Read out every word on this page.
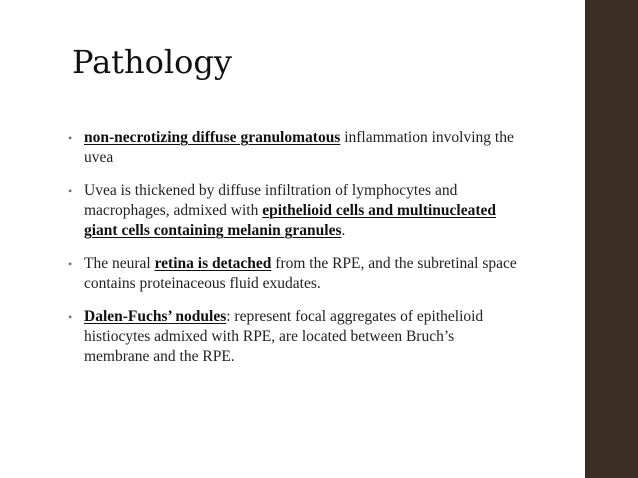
Pathology
• non-necrotizing diffuse granulomatous inflammation involving the uvea
• Uvea is thickened by diffuse infiltration of lymphocytes and macrophages, admixed with epithelioid cells and multinucleated giant cells containing melanin granules.
• The neural retina is detached from the RPE, and the subretinal space contains proteinaceous fluid exudates.
• Dalen-Fuchs’ nodules: represent focal aggregates of epithelioid histiocytes admixed with RPE, are located between Bruch’s membrane and the RPE.
